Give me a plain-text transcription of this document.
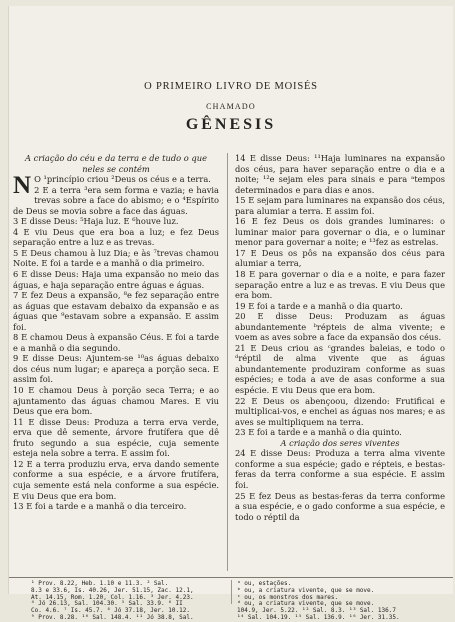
O PRIMEIRO LIVRO DE MOISÉS
CHAMADO
GÊNESIS

A criação do céu e da terra e de tudo o que neles se contém

N O ¹princípio criou ²Deus os céus e a terra.

2 E a terra ³era sem forma e vazia; e havia trevas sobre a face do abismo; e o ⁴Espírito de Deus se movia sobre a face das águas.

3 E disse Deus: ⁵Haja luz. E ⁶houve luz.

4 E viu Deus que era boa a luz; e fez Deus separação entre a luz e as trevas.

5 E Deus chamou à luz Dia; e às ⁷trevas chamou Noite. E foi a tarde e a manhã o dia primeiro.

6 E disse Deus: Haja uma expansão no meio das águas, e haja separação entre águas e águas.

7 E fez Deus a expansão, ⁸e fez separação entre as águas que estavam debaixo da expansão e as águas que ⁹estavam sobre a expansão. E assim foi.

8 E chamou Deus à expansão Céus. E foi a tarde e a manhã o dia segundo.

9 E disse Deus: Ajuntem-se ¹⁰as águas debaixo dos céus num lugar; e apareça a porção seca. E assim foi.

10 E chamou Deus à porção seca Terra; e ao ajuntamento das águas chamou Mares. E viu Deus que era bom.

11 E disse Deus: Produza a terra erva verde, erva que dê semente, árvore frutífera que dê fruto segundo a sua espécie, cuja semente esteja nela sobre a terra. E assim foi.

12 E a terra produziu erva, erva dando semente conforme a sua espécie, e a árvore frutífera, cuja semente está nela conforme a sua espécie. E viu Deus que era bom.

13 E foi a tarde e a manhã o dia terceiro.

14 E disse Deus: ¹¹Haja luminares na expansão dos céus, para haver separação entre o dia e a noite; ¹²e sejam eles para sinais e para ᵃtempos determinados e para dias e anos.

15 E sejam para luminares na expansão dos céus, para alumiar a terra. E assim foi.

16 E fez Deus os dois grandes luminares: o luminar maior para governar o dia, e o luminar menor para governar a noite; e ¹³fez as estrelas.

17 E Deus os pôs na expansão dos céus para alumiar a terra,

18 E para governar o dia e a noite, e para fazer separação entre a luz e as trevas. E viu Deus que era bom.

19 E foi a tarde e a manhã o dia quarto.

20 E disse Deus: Produzam as águas abundantemente ᵇrépteis de alma vivente; e voem as aves sobre a face da expansão dos céus.

21 E Deus criou as ᶜgrandes baleias, e todo o ᵈréptil de alma vivente que as águas abundantemente produziram conforme as suas espécies; e toda a ave de asas conforme a sua espécie. E viu Deus que era bom.

22 E Deus os abençoou, dizendo: Frutificai e multiplicai-vos, e enchei as águas nos mares; e as aves se multipliquem na terra.

23 E foi a tarde e a manhã o dia quinto.

A criação dos seres viventes

24 E disse Deus: Produza a terra alma vivente conforme a sua espécie; gado e répteis, e bestas-feras da terra conforme a sua espécie. E assim foi.

25 E fez Deus as bestas-feras da terra conforme a sua espécie, e o gado conforme a sua espécie, e todo o réptil da

¹ Prov. 8.22, Heb. 1.10 e 11.3. ² Sal.

8.3 e 33.6, Is. 40.26, Jer. 51.15, Zac. 12.1,

At. 14.15, Rom. 1.20, Col. 1.16. ³ Jer. 4.23.

⁴ Jó 26.13, Sal. 104.30. ⁵ Sal. 33.9. ⁶ II

Co. 4.6. ⁷ Is. 45.7. ⁸ Jó 37.18, Jer. 10.12.

⁹ Prov. 8.28. ¹⁰ Sal. 148.4. ¹¹ Jó 38.8, Sal.

ᵃ ou, estações.

ᵇ ou, a criatura vivente, que se move.

ᶜ ou, os monstros dos mares.

ᵈ ou, a criatura vivente, que se move.

104.9, Jer. 5.22. ¹² Sal. 8.3. ¹³ Sal. 136.7

¹⁴ Sal. 104.19. ¹⁵ Sal. 136.9. ¹⁶ Jer. 31.35.
